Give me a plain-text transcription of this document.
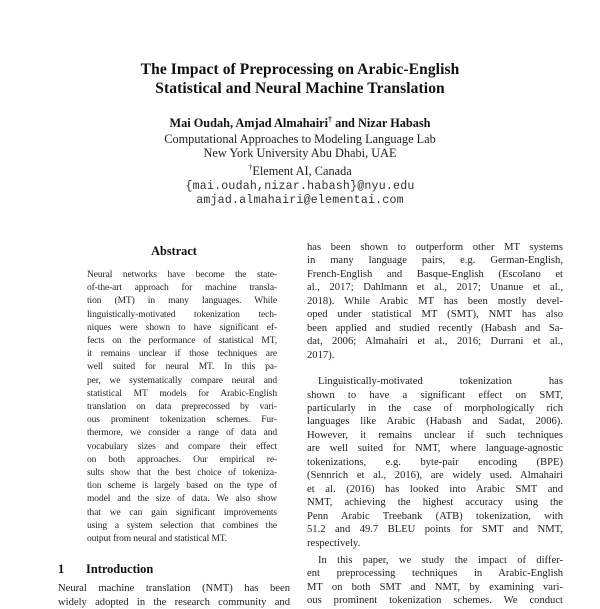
The Impact of Preprocessing on Arabic-English
Statistical and Neural Machine Translation
Mai Oudah, Amjad Almahairi† and Nizar Habash
Computational Approaches to Modeling Language Lab
New York University Abu Dhabi, UAE
†Element AI, Canada
{mai.oudah,nizar.habash}@nyu.edu
amjad.almahairi@elementai.com
Abstract
Neural networks have become the state-
of-the-art approach for machine transla-
tion (MT) in many languages. While
linguistically-motivated tokenization tech-
niques were shown to have significant ef-
fects on the performance of statistical MT,
it remains unclear if those techniques are
well suited for neural MT. In this pa-
per, we systematically compare neural and
statistical MT models for Arabic-English
translation on data preprecossed by vari-
ous prominent tokenization schemes. Fur-
thermore, we consider a range of data and
vocabulary sizes and compare their effect
on both approaches. Our empirical re-
sults show that the best choice of tokeniza-
tion scheme is largely based on the type of
model and the size of data. We also show
that we can gain significant improvements
using a system selection that combines the
output from neural and statistical MT.
1 Introduction
Neural machine translation (NMT) has been
widely adopted in the research community and
has been shown to outperform other MT systems
in many language pairs, e.g. German-English,
French-English and Basque-English (Escolano et
al., 2017; Dahlmann et al., 2017; Unanue et al.,
2018). While Arabic MT has been mostly devel-
oped under statistical MT (SMT), NMT has also
been applied and studied recently (Habash and Sa-
dat, 2006; Almahairi et al., 2016; Durrani et al.,
2017).
Linguistically-motivated tokenization has
shown to have a significant effect on SMT,
particularly in the case of morphologically rich
languages like Arabic (Habash and Sadat, 2006).
However, it remains unclear if such techniques
are well suited for NMT, where language-agnostic
tokenizations, e.g. byte-pair encoding (BPE)
(Sennrich et al., 2016), are widely used. Almahairi
et al. (2016) has looked into Arabic SMT and
NMT, achieving the highest accuracy using the
Penn Arabic Treebank (ATB) tokenization, with
51.2 and 49.7 BLEU points for SMT and NMT,
respectively.
In this paper, we study the impact of differ-
ent preprocessing techniques in Arabic-English
MT on both SMT and NMT, by examining vari-
ous prominent tokenization schemes. We conduct
